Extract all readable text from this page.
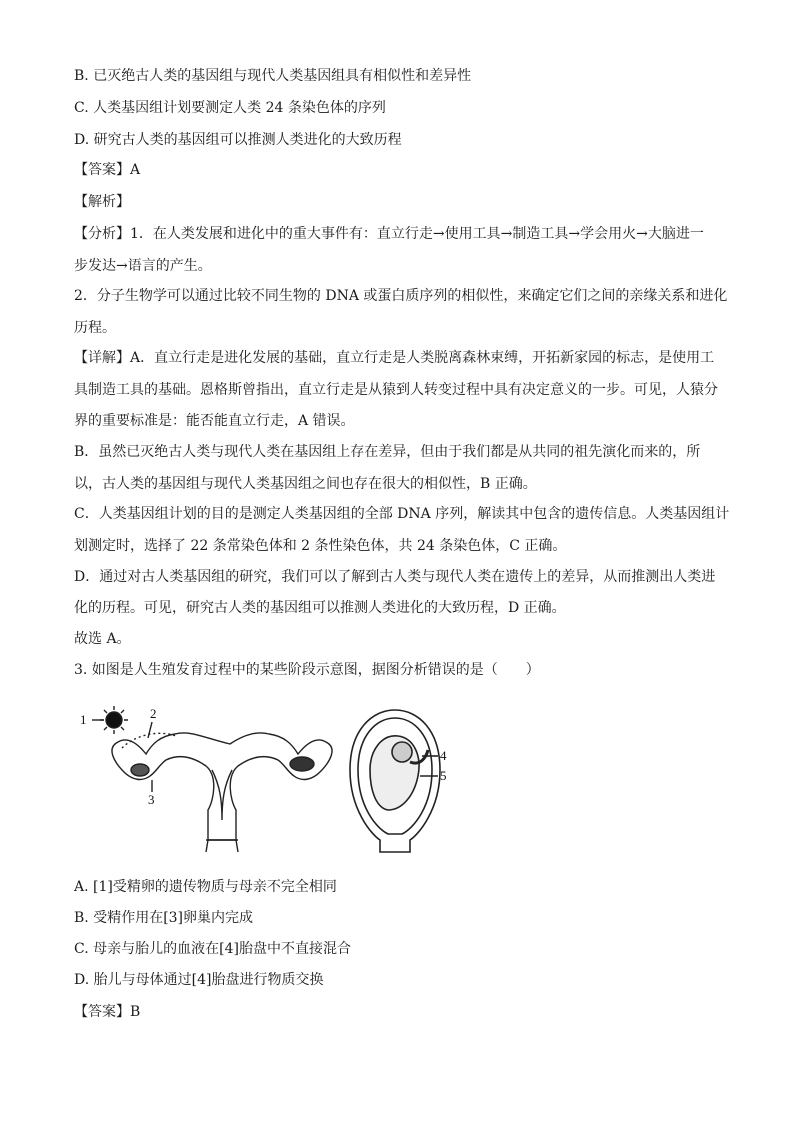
B. 已灭绝古人类的基因组与现代人类基因组具有相似性和差异性
C. 人类基因组计划要测定人类 24 条染色体的序列
D. 研究古人类的基因组可以推测人类进化的大致历程
【答案】A
【解析】
【分析】1．在人类发展和进化中的重大事件有：直立行走→使用工具→制造工具→学会用火→大脑进一
步发达→语言的产生。
2．分子生物学可以通过比较不同生物的 DNA 或蛋白质序列的相似性，来确定它们之间的亲缘关系和进化
历程。
【详解】A．直立行走是进化发展的基础，直立行走是人类脱离森林束缚，开拓新家园的标志，是使用工
具制造工具的基础。恩格斯曾指出，直立行走是从猿到人转变过程中具有决定意义的一步。可见，人猿分
界的重要标准是：能否能直立行走，A 错误。
B．虽然已灭绝古人类与现代人类在基因组上存在差异，但由于我们都是从共同的祖先演化而来的，所
以，古人类的基因组与现代人类基因组之间也存在很大的相似性，B 正确。
C．人类基因组计划的目的是测定人类基因组的全部 DNA 序列，解读其中包含的遗传信息。人类基因组计
划测定时，选择了 22 条常染色体和 2 条性染色体，共 24 条染色体，C 正确。
D．通过对古人类基因组的研究，我们可以了解到古人类与现代人类在遗传上的差异，从而推测出人类进
化的历程。可见，研究古人类的基因组可以推测人类进化的大致历程，D 正确。
故选 A。
3. 如图是人生殖发育过程中的某些阶段示意图，据图分析错误的是（　　）
1	2
3
4
5
A. [1]受精卵的遗传物质与母亲不完全相同
B. 受精作用在[3]卵巢内完成
C. 母亲与胎儿的血液在[4]胎盘中不直接混合
D. 胎儿与母体通过[4]胎盘进行物质交换
【答案】B
